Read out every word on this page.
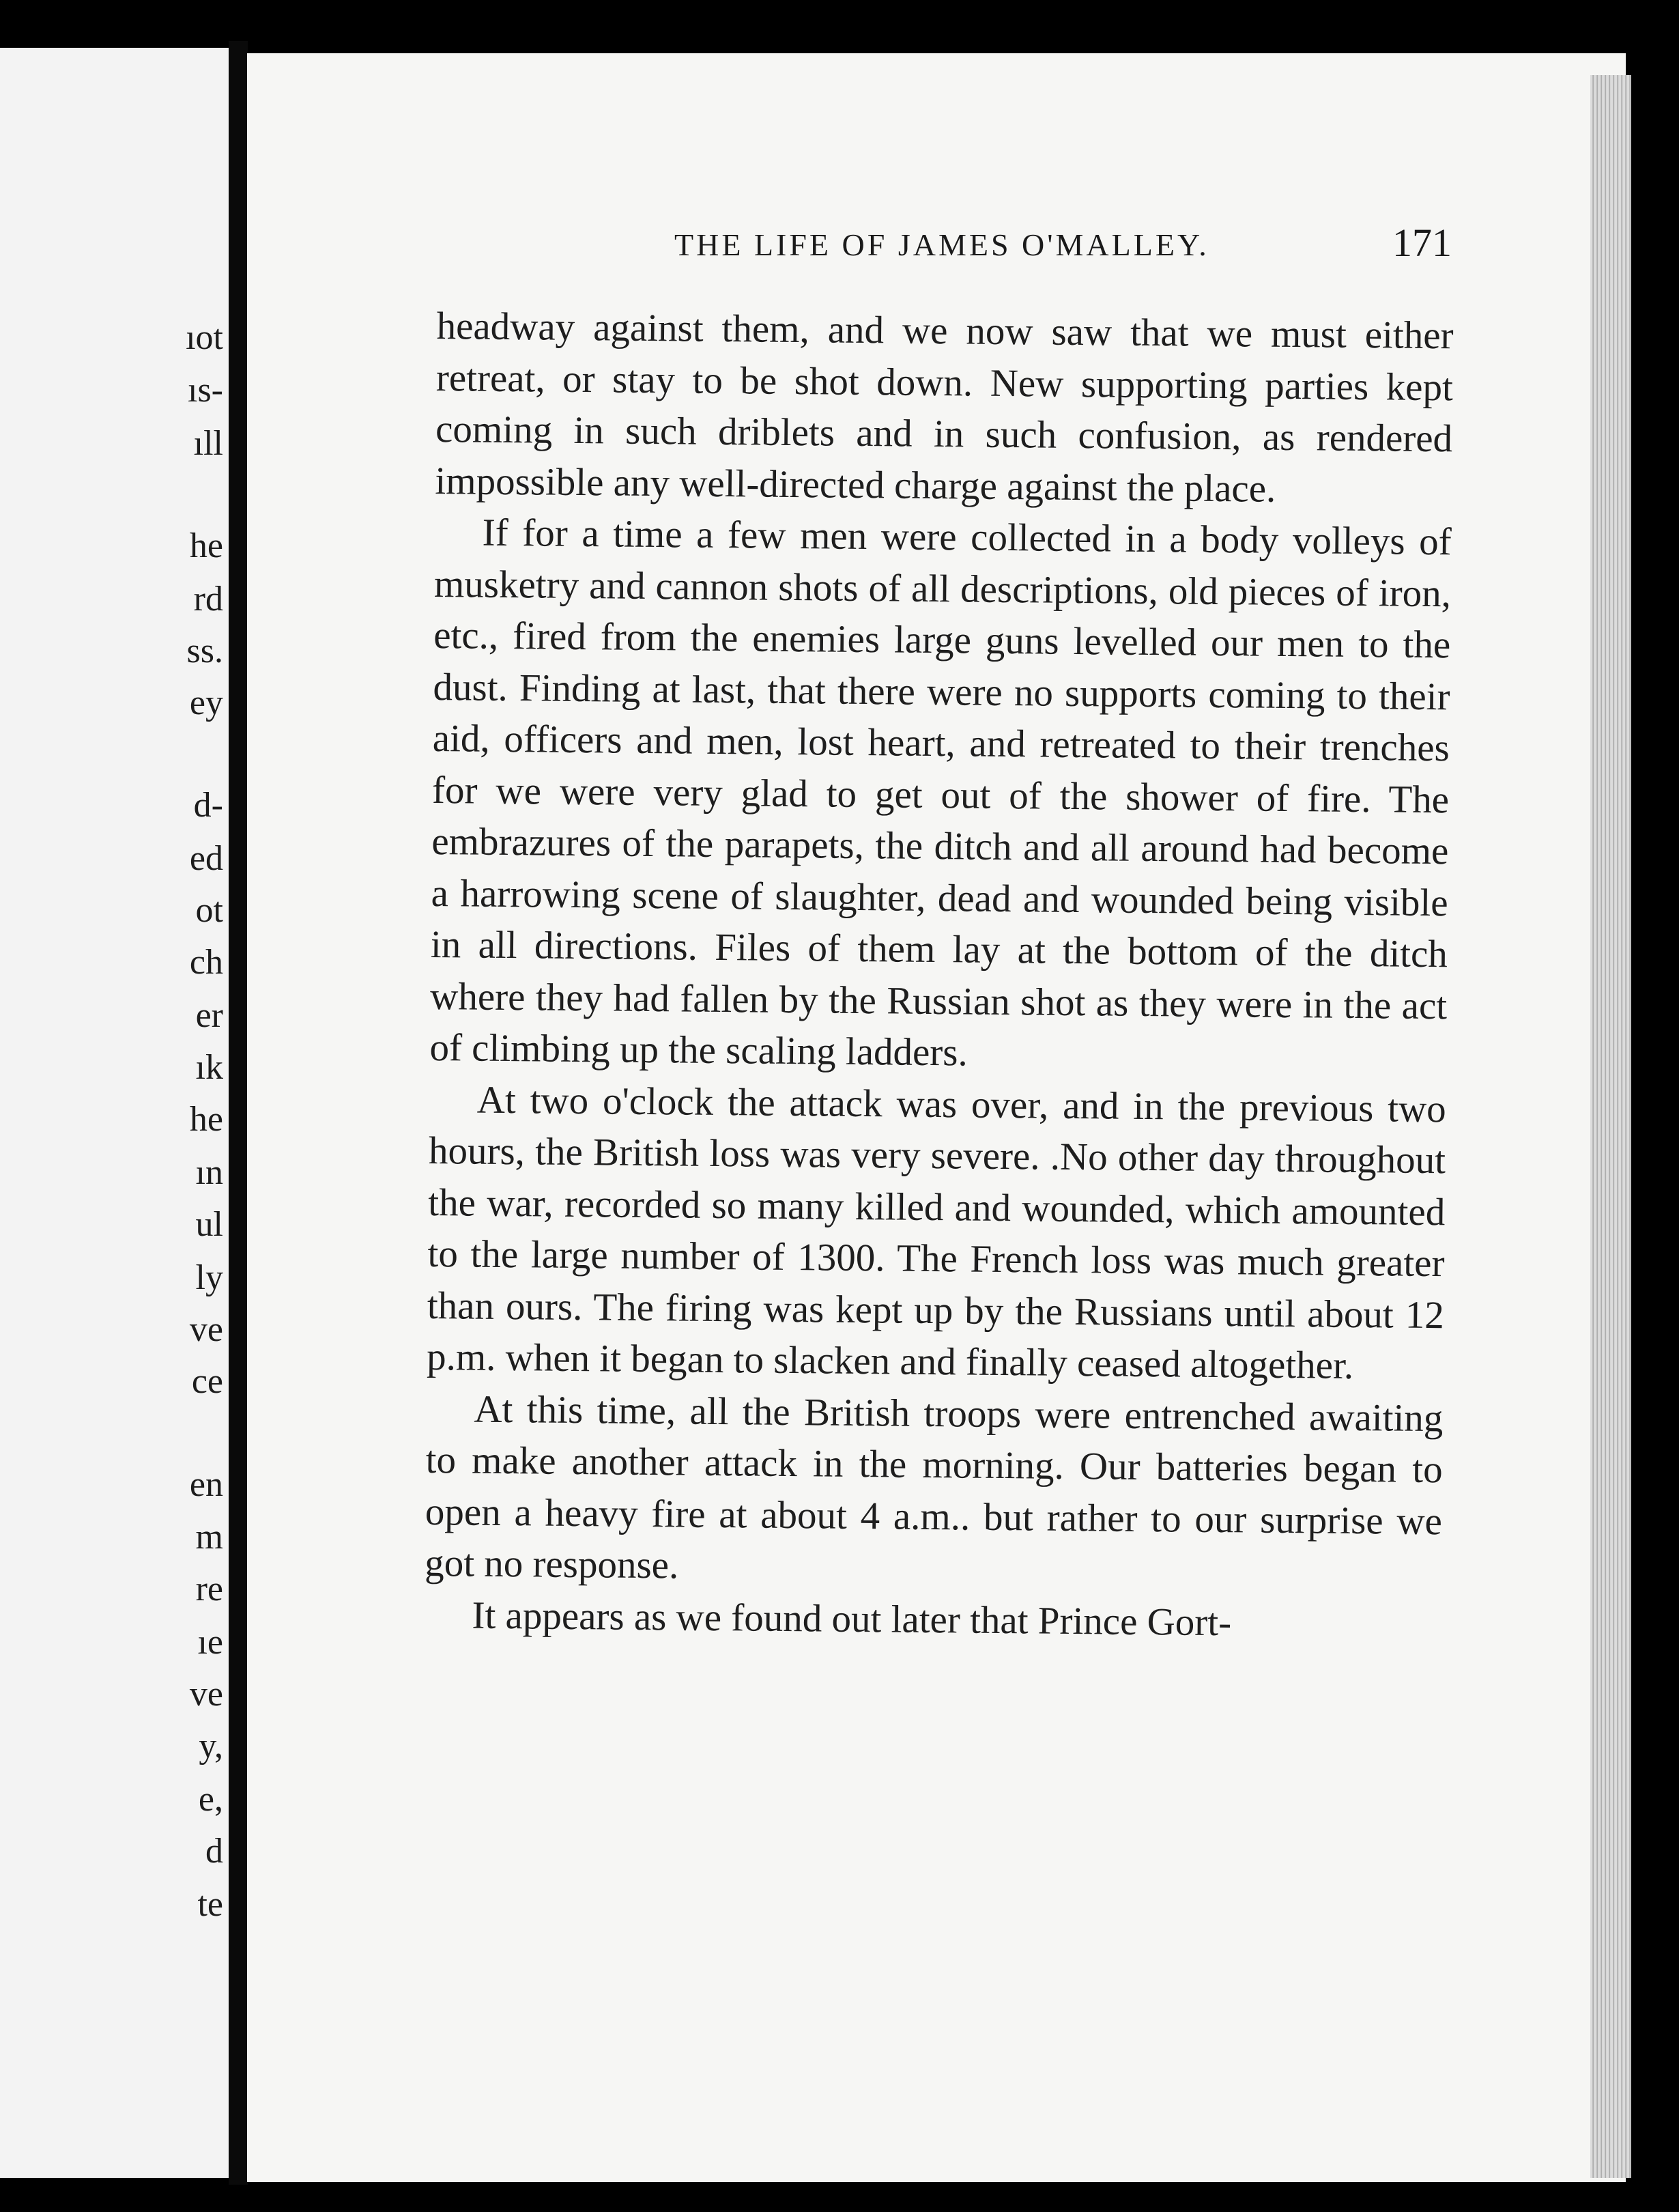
ıot
ıs-
ıll
he
rd
ss.
ey
d-
ed
ot
ch
er
ık
he
ın
ul
ly
ve
ce
en
m
re
ıe
ve
y,
e,
d
te
THE LIFE OF JAMES O'MALLEY.	171

headway against them, and we now saw that we must either retreat, or stay to be shot down. New supporting parties kept coming in such driblets and in such confusion, as rendered impossible any well-directed charge against the place.

If for a time a few men were collected in a body volleys of musketry and cannon shots of all descriptions, old pieces of iron, etc., fired from the enemies large guns levelled our men to the dust. Finding at last, that there were no supports coming to their aid, officers and men, lost heart, and retreated to their trenches for we were very glad to get out of the shower of fire. The embrazures of the parapets, the ditch and all around had become a harrowing scene of slaughter, dead and wounded being visible in all directions. Files of them lay at the bottom of the ditch where they had fallen by the Russian shot as they were in the act of climbing up the scaling ladders.

At two o'clock the attack was over, and in the previous two hours, the British loss was very severe. .No other day throughout the war, recorded so many killed and wounded, which amounted to the large number of 1300. The French loss was much greater than ours. The firing was kept up by the Russians until about 12 p.m. when it began to slacken and finally ceased altogether.

At this time, all the British troops were entrenched awaiting to make another attack in the morning. Our batteries began to open a heavy fire at about 4 a.m.. but rather to our surprise we got no response.

It appears as we found out later that Prince Gort-
